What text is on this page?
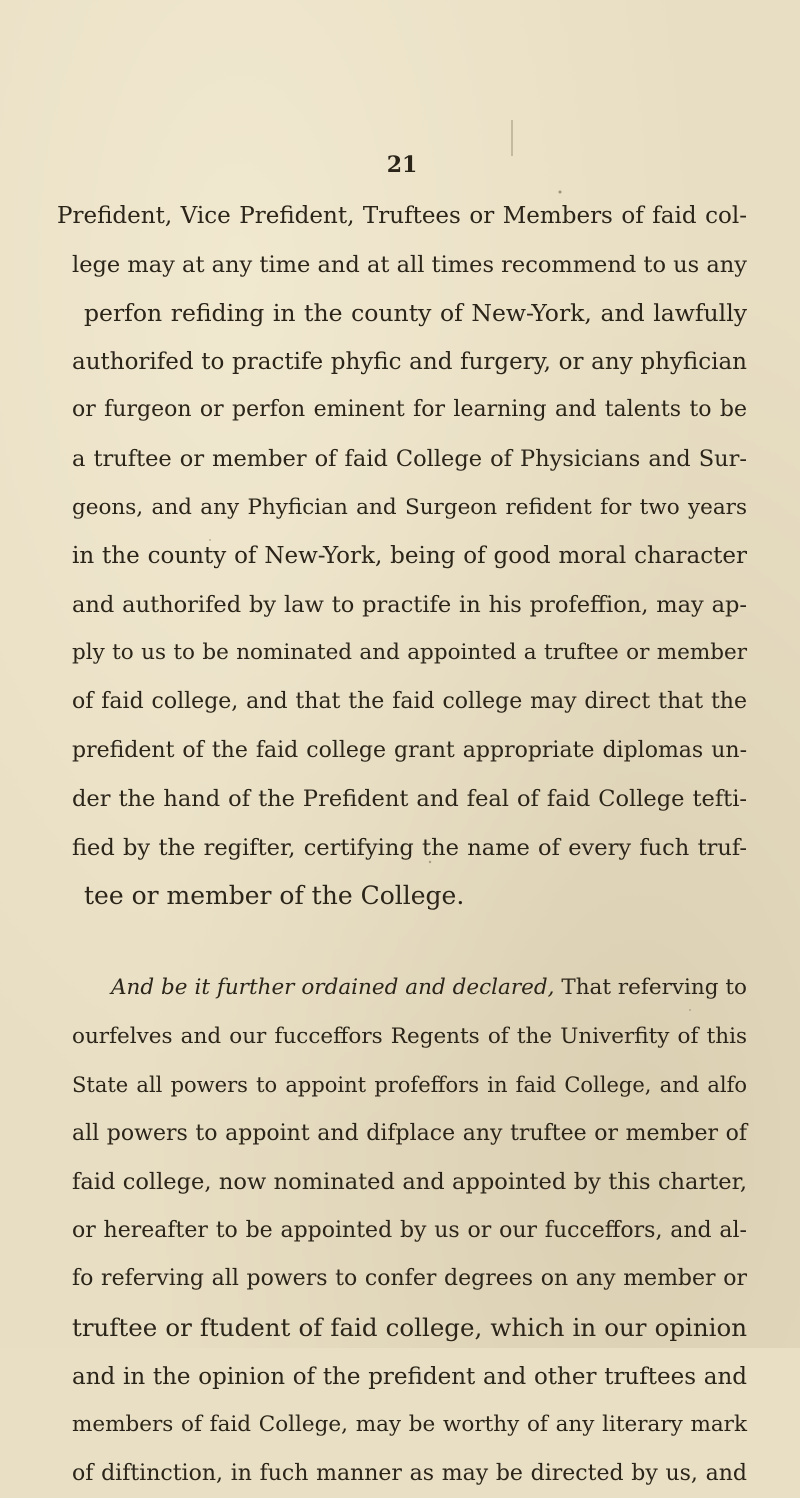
21

Prefident, Vice Prefident, Truftees or Members of faid col-
lege may at any time and at all times recommend to us any
perfon refiding in the county of New-York, and lawfully
authorifed to practife phyfic and furgery, or any phyfician
or furgeon or perfon eminent for learning and talents to be
a truftee or member of faid College of Physicians and Sur-
geons, and any Phyfician and Surgeon refident for two years
in the county of New-York, being of good moral character
and authorifed by law to practife in his profeffion, may ap-
ply to us to be nominated and appointed a truftee or member
of faid college, and that the faid college may direct that the
prefident of the faid college grant appropriate diplomas un-
der the hand of the Prefident and feal of faid College tefti-
fied by the regifter, certifying the name of every fuch truf-
tee or member of the College.
And be it further ordained and declared, That referving to
ourfelves and our fucceffors Regents of the Univerfity of this
State all powers to appoint profeffors in faid College, and alfo
all powers to appoint and difplace any truftee or member of
faid college, now nominated and appointed by this charter,
or hereafter to be appointed by us or our fucceffors, and al-
fo referving all powers to confer degrees on any member or
truftee or ftudent of faid college, which in our opinion
and in the opinion of the prefident and other truftees and
members of faid College, may be worthy of any literary mark
of diftinction, in fuch manner as may be directed by us, and
